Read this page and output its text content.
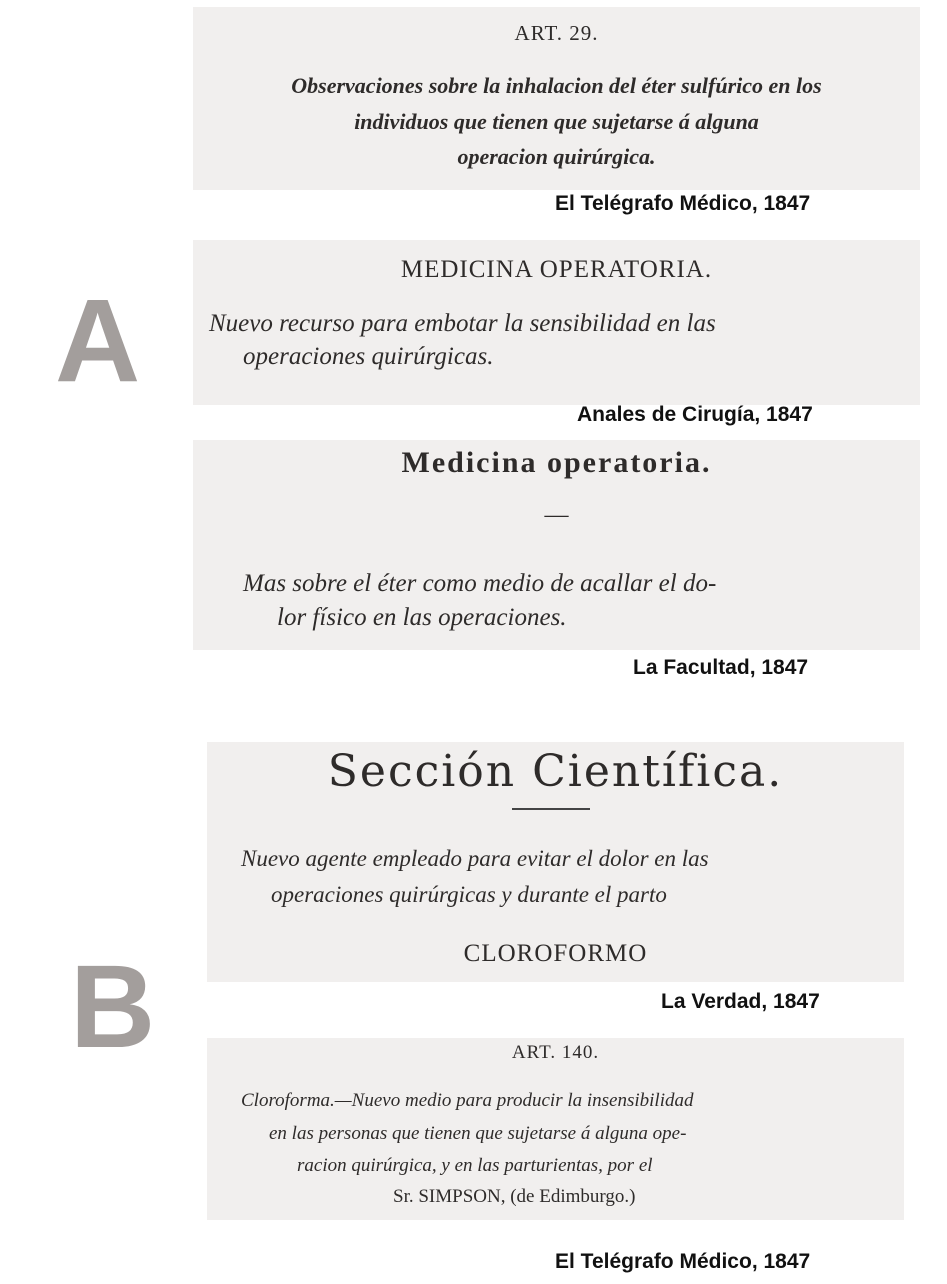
A
B
ART. 29.
Observaciones sobre la inhalacion del éter sulfúrico en los
individuos que tienen que sujetarse á alguna
operacion quirúrgica.
El Telégrafo Médico, 1847
MEDICINA OPERATORIA.
Nuevo recurso para embotar la sensibilidad en las
operaciones quirúrgicas.
Anales de Cirugía, 1847
Medicina operatoria.
—
Mas sobre el éter como medio de acallar el do-
lor físico en las operaciones.
La Facultad, 1847
Sección Científica.
Nuevo agente empleado para evitar el dolor en las
operaciones quirúrgicas y durante el parto
CLOROFORMO
La Verdad, 1847
ART. 140.
Cloroforma.—Nuevo medio para producir la insensibilidad
en las personas que tienen que sujetarse á alguna ope-
racion quirúrgica, y en las parturientas, por el
Sr. SIMPSON, (de Edimburgo.)
El Telégrafo Médico, 1847
